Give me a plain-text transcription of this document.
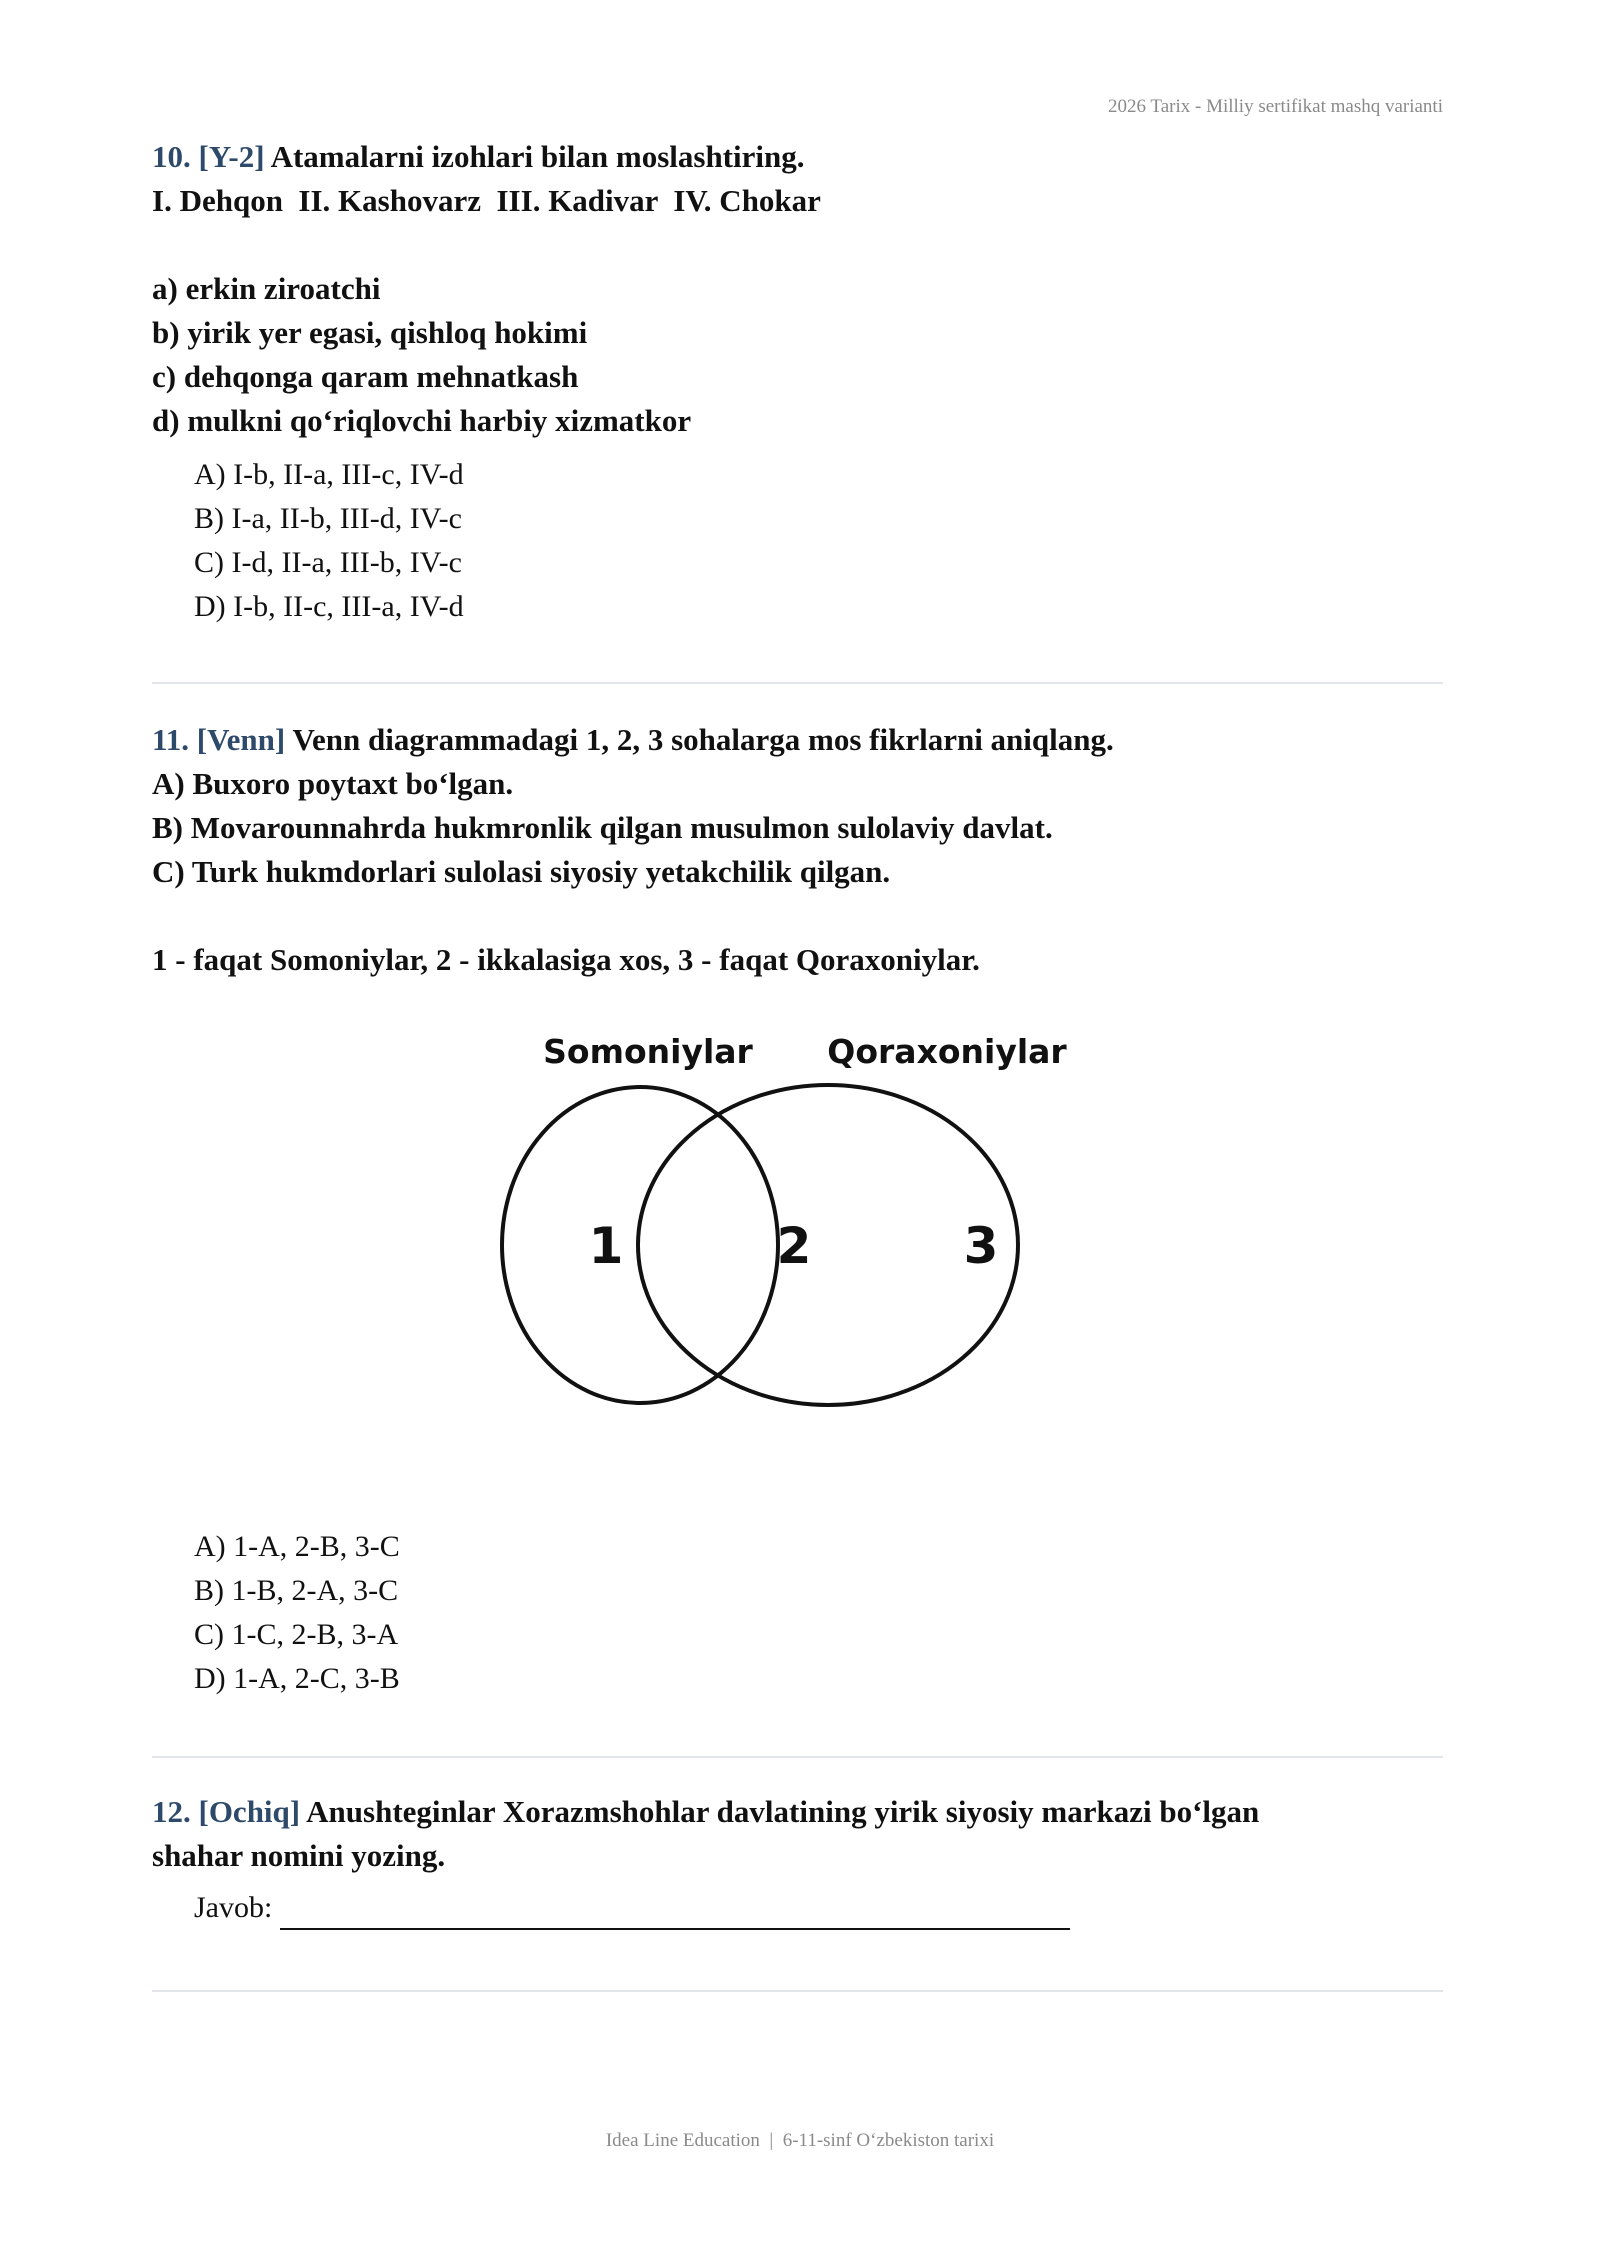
2026 Tarix - Milliy sertifikat mashq varianti

10. [Y-2] Atamalarni izohlari bilan moslashtiring.

I. Dehqon  II. Kashovarz  III. Kadivar  IV. Chokar

a) erkin ziroatchi

b) yirik yer egasi, qishloq hokimi

c) dehqonga qaram mehnatkash

d) mulkni qo‘riqlovchi harbiy xizmatkor

A) I-b, II-a, III-c, IV-d

B) I-a, II-b, III-d, IV-c

C) I-d, II-a, III-b, IV-c

D) I-b, II-c, III-a, IV-d

11. [Venn] Venn diagrammadagi 1, 2, 3 sohalarga mos fikrlarni aniqlang.

A) Buxoro poytaxt bo‘lgan.

B) Movarounnahrda hukmronlik qilgan musulmon sulolaviy davlat.

C) Turk hukmdorlari sulolasi siyosiy yetakchilik qilgan.

1 - faqat Somoniylar, 2 - ikkalasiga xos, 3 - faqat Qoraxoniylar.

Somoniylar Qoraxoniylar
1	2	3

A) 1-A, 2-B, 3-C

B) 1-B, 2-A, 3-C

C) 1-C, 2-B, 3-A

D) 1-A, 2-C, 3-B

12. [Ochiq] Anushteginlar Xorazmshohlar davlatining yirik siyosiy markazi bo‘lgan

shahar nomini yozing.

Javob:
Idea Line Education  |  6-11-sinf O‘zbekiston tarixi
